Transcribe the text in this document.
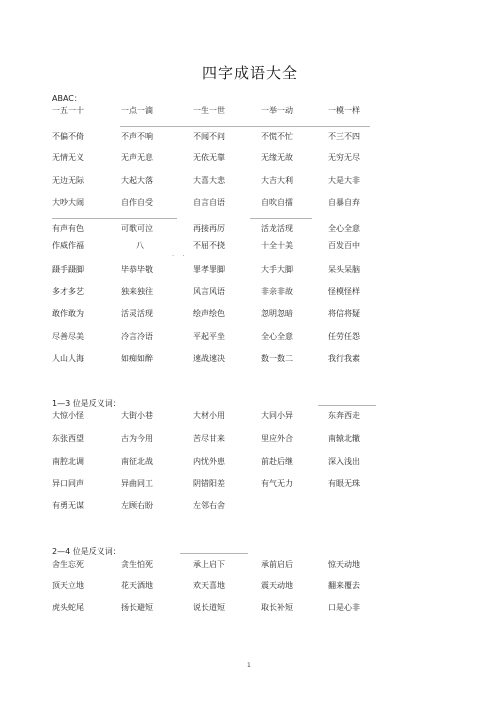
四字成语大全
ABAC：
一五一十	一点一滴	一生一世	一举一动	一模一样
不偏不倚	不声不响	不闻不问	不慌不忙	不三不四
无情无义	无声无息	无依无靠	无缘无故	无穷无尽
无边无际	大起大落	大喜大悲	大吉大利	大是大非
大吵大闹	自作自受	自言自语	自吹自擂	自暴自弃
有声有色	可歌可泣	再接再厉	活龙活现	全心全意
作威作福	八	不屈不挠	十全十美	百发百中
· ·
蹑手蹑脚	毕恭毕敬	罪孝罪脚	大手大脚	呆头呆脑
多才多艺	独来独往	风言风语	非亲非故	怪模怪样
敢作敢为	活灵活现	绘声绘色	忽明忽暗	将信将疑
尽善尽美	冷言冷语	平起平坐	全心全意	任劳任怨
人山人海	如痴如醉	速战速决	数一数二	我行我素
1—3 位是反义词：
大惊小怪	大街小巷	大材小用	大同小异	东奔西走
东张西望	古为今用	苦尽甘来	里应外合	南辕北辙
南腔北调	南征北战	内忧外患	前赴后继	深入浅出
异口同声	异曲同工	阴错阳差	有气无力	有眼无珠
有勇无谋	左顾右盼	左邻右舍
2—4 位是反义词：
舍生忘死	贪生怕死	承上启下	承前启后	惊天动地
顶天立地	花天酒地	欢天喜地	震天动地	翻来覆去
虎头蛇尾	扬长避短	说长道短	取长补短	口是心非
1
